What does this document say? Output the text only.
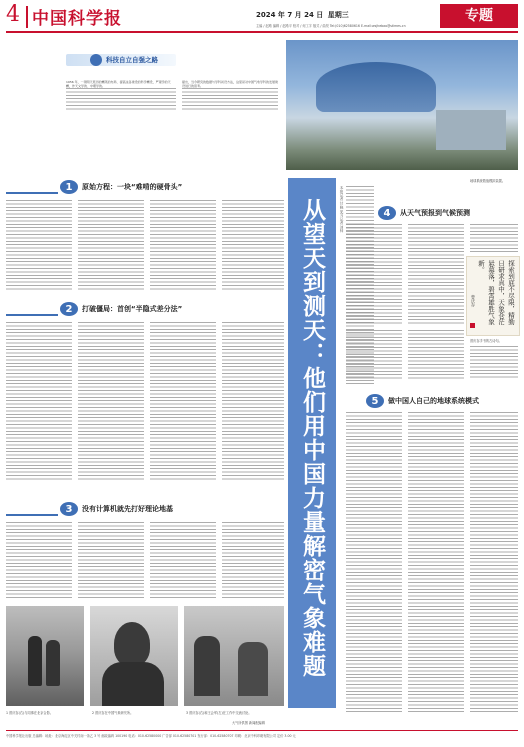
4 中国科学报	2024 年 7 月 24 日 星期三
主编 / 赵路 编辑 / 赵路平 校对 / 何工宇 版式 / 曲昊 Tel:(010)62580616 E-mail:wsjhebao@stimes.cn
专题
科技自立自强之路
1956 年，一项明天原历的精英的布局、提高这各建设的科学精设，严观学的天精，作天文学的、中理学的。
提出，当今研究的数据与学科初设方法，这里是对中国气象学科的发展建设进行的思考。
地球系统数值模拟装置。
1	原始方程：一块“难啃的硬骨头”
2	打破僵局：首创“半隐式差分法”
3	没有计算机就先打好理论地基
1 曾庆存(右)与同事在北京合影。	2 曾庆存在中国气象研究所。	3 曾庆存(右)和王会军(左)在工作中交流讨论。
从望天到测天：他们用中国力量解密气象难题	本报记者 甘晓 见习记者 刘帅	4	从天气预报到气候预测
探索到底不尽限，精勤日研求真中，天象苍茫悬幕落，碧霄雄胜气象新。
曾庆存
曾庆存手书的古诗句。
5	做中国人自己的地球系统模式
大气所供图 新闻配编辑
中国科学报社出版 总编辑：地址：北京海淀区中关村南一条乙 3 号 邮政编码 100190 电话：010-62580000 广告部 010-62580701 发行部：010-62580707 印刷：北京中科印刷有限公司 定价 3.00 元
